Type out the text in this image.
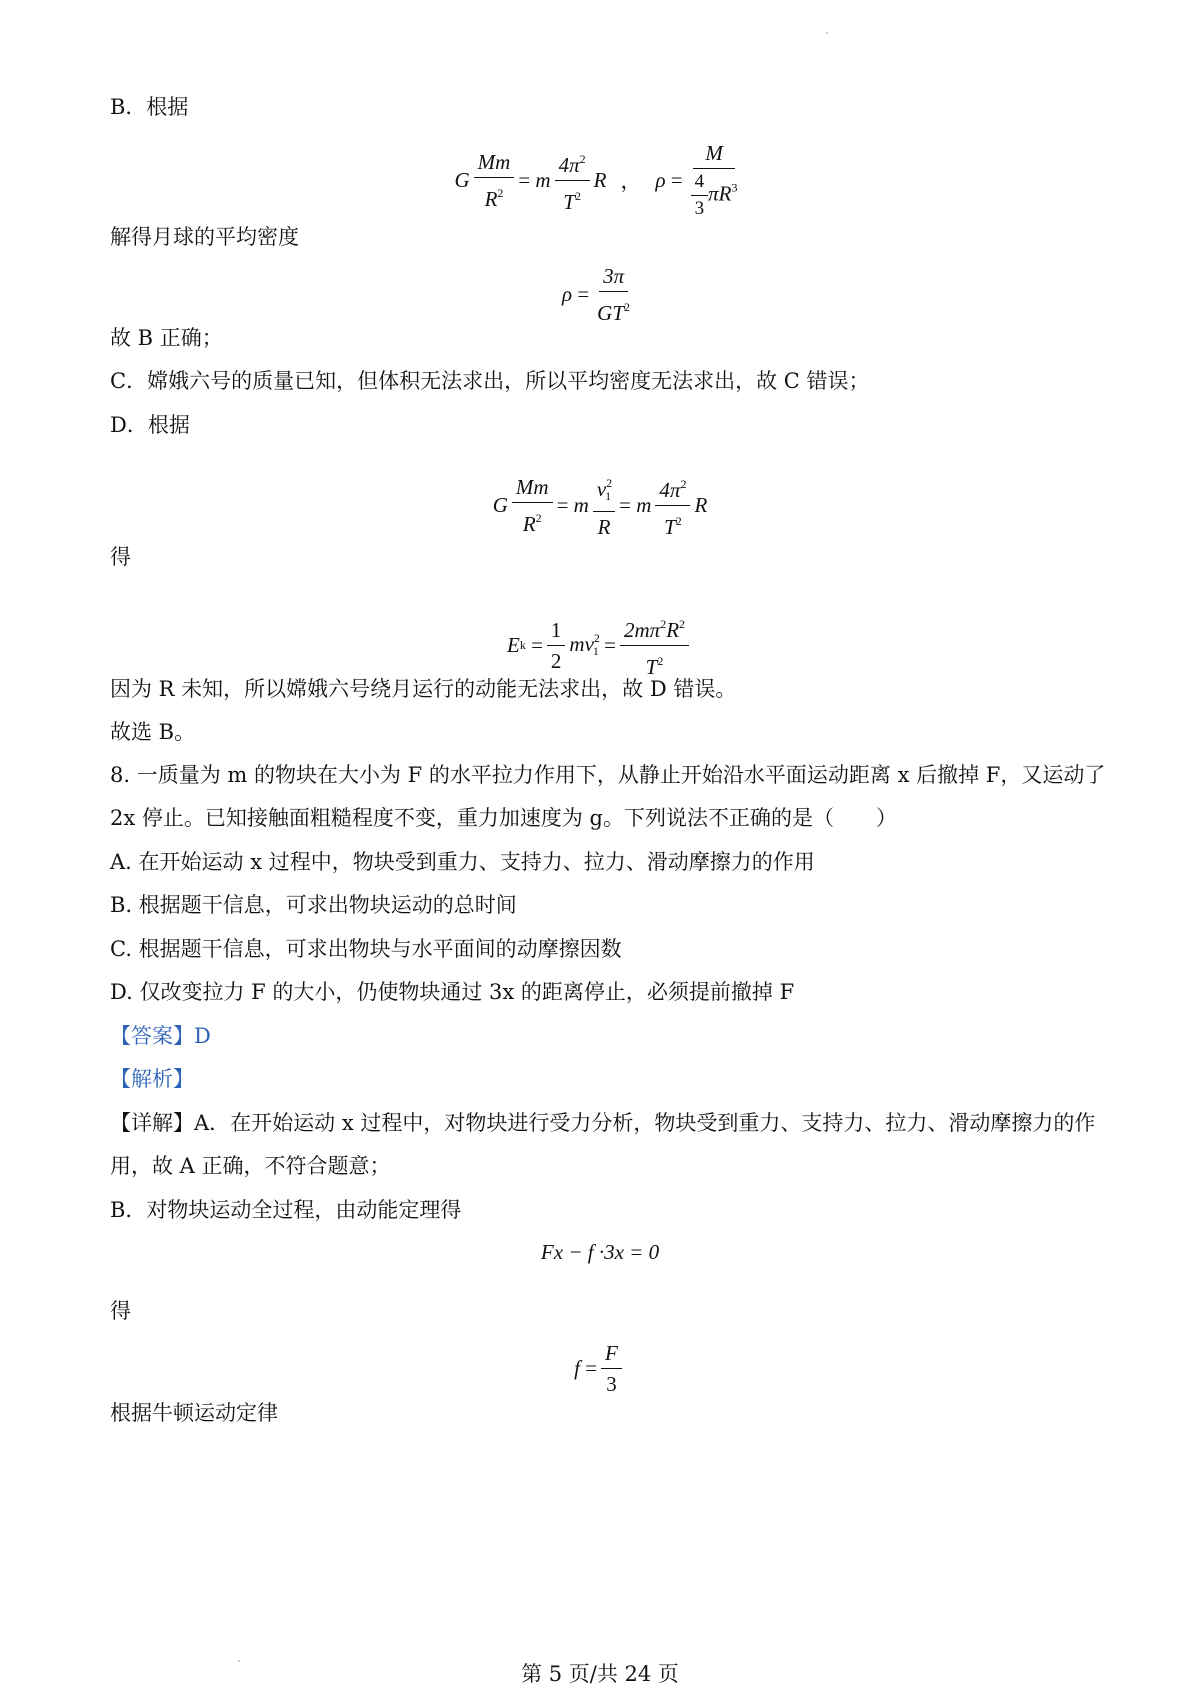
B．根据
G $\frac{Mm}{R^2}$ =
m $\frac{4\pi^2}{T^2}$ R ， ρ
= $\frac{M}{\frac{4}{3} \pi R^3}$
解得月球的平均密度
ρ
= $\frac{3\pi}{GT^2}$
故 B 正确；
C．嫦娥六号的质量已知，但体积无法求出，所以平均密度无法求出，故 C 错误；
D．根据
G $\frac{Mm}{R^2}$ =
m $\frac{v^2_1}{R}$ =
m $\frac{4\pi^2}{T^2}$ R
得
E k
= $\frac{1}{2} mv^2_1$
= $\frac{2m\pi^2R^2}{T^2}$
因为 R 未知，所以嫦娥六号绕月运行的动能无法求出，故 D 错误。
故选 B。
8. 一质量为 m 的物块在大小为 F 的水平拉力作用下，从静止开始沿水平面运动距离 x 后撤掉 F，又运动了
2x 停止。已知接触面粗糙程度不变，重力加速度为 g。下列说法不正确的是（　　）
A. 在开始运动 x 过程中，物块受到重力、支持力、拉力、滑动摩擦力的作用
B. 根据题干信息，可求出物块运动的总时间
C. 根据题干信息，可求出物块与水平面间的动摩擦因数
D. 仅改变拉力 F 的大小，仍使物块通过 3x 的距离停止，必须提前撤掉 F
【答案】D
【解析】
【详解】A．在开始运动 x 过程中，对物块进行受力分析，物块受到重力、支持力、拉力、滑动摩擦力的作
用，故 A 正确，不符合题意；
B．对物块运动全过程，由动能定理得
Fx − f ·3x = 0
得
f
= $\frac{F}{3}$
根据牛顿运动定律
第 5 页/共 24 页
